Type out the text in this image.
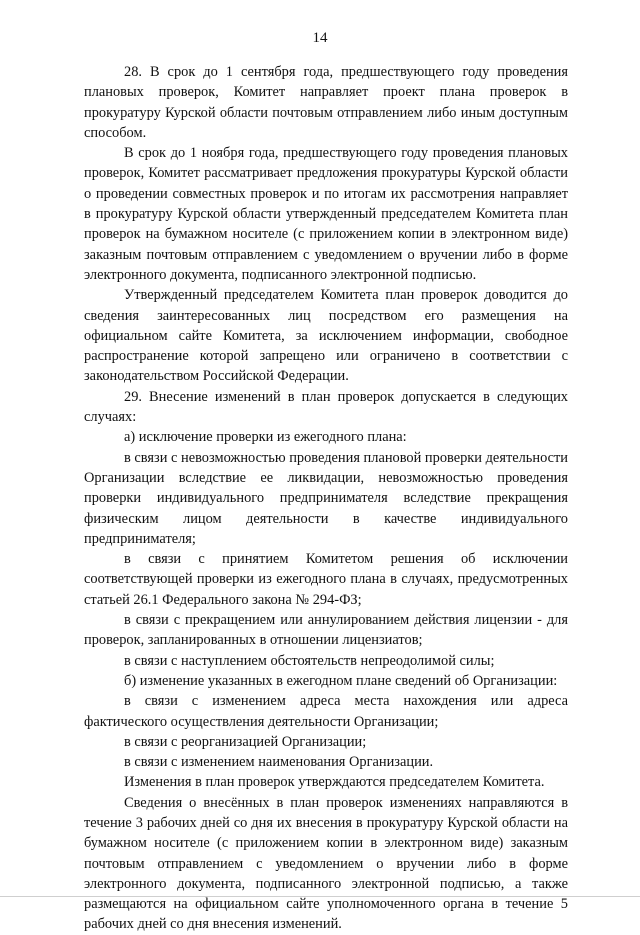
14

28. В срок до 1 сентября года, предшествующего году проведения плановых проверок, Комитет направляет проект плана проверок в прокуратуру Курской области почтовым отправлением либо иным доступным способом.

В срок до 1 ноября года, предшествующего году проведения плановых проверок, Комитет рассматривает предложения прокуратуры Курской области о проведении совместных проверок и по итогам их рассмотрения направляет в прокуратуру Курской области утвержденный председателем Комитета план проверок на бумажном носителе (с приложением копии в электронном виде) заказным почтовым отправлением с уведомлением о вручении либо в форме электронного документа, подписанного электронной подписью.

Утвержденный председателем Комитета план проверок доводится до сведения заинтересованных лиц посредством его размещения на официальном сайте Комитета, за исключением информации, свободное распространение которой запрещено или ограничено в соответствии с законодательством Российской Федерации.

29. Внесение изменений в план проверок допускается в следующих случаях:

а) исключение проверки из ежегодного плана:

в связи с невозможностью проведения плановой проверки деятельности Организации вследствие ее ликвидации, невозможностью проведения проверки индивидуального предпринимателя вследствие прекращения физическим лицом деятельности в качестве индивидуального предпринимателя;

в связи с принятием Комитетом решения об исключении соответствующей проверки из ежегодного плана в случаях, предусмотренных статьей 26.1 Федерального закона № 294-ФЗ;

в связи с прекращением или аннулированием действия лицензии - для проверок, запланированных в отношении лицензиатов;

в связи с наступлением обстоятельств непреодолимой силы;

б) изменение указанных в ежегодном плане сведений об Организации:

в связи с изменением адреса места нахождения или адреса фактического осуществления деятельности Организации;

в связи с реорганизацией Организации;

в связи с изменением наименования Организации.

Изменения в план проверок утверждаются председателем Комитета.

Сведения о внесённых в план проверок изменениях направляются в течение 3 рабочих дней со дня их внесения в прокуратуру Курской области на бумажном носителе (с приложением копии в электронном виде) заказным почтовым отправлением с уведомлением о вручении либо в форме электронного документа, подписанного электронной подписью, а также размещаются на официальном сайте уполномоченного органа в течение 5 рабочих дней со дня внесения изменений.
